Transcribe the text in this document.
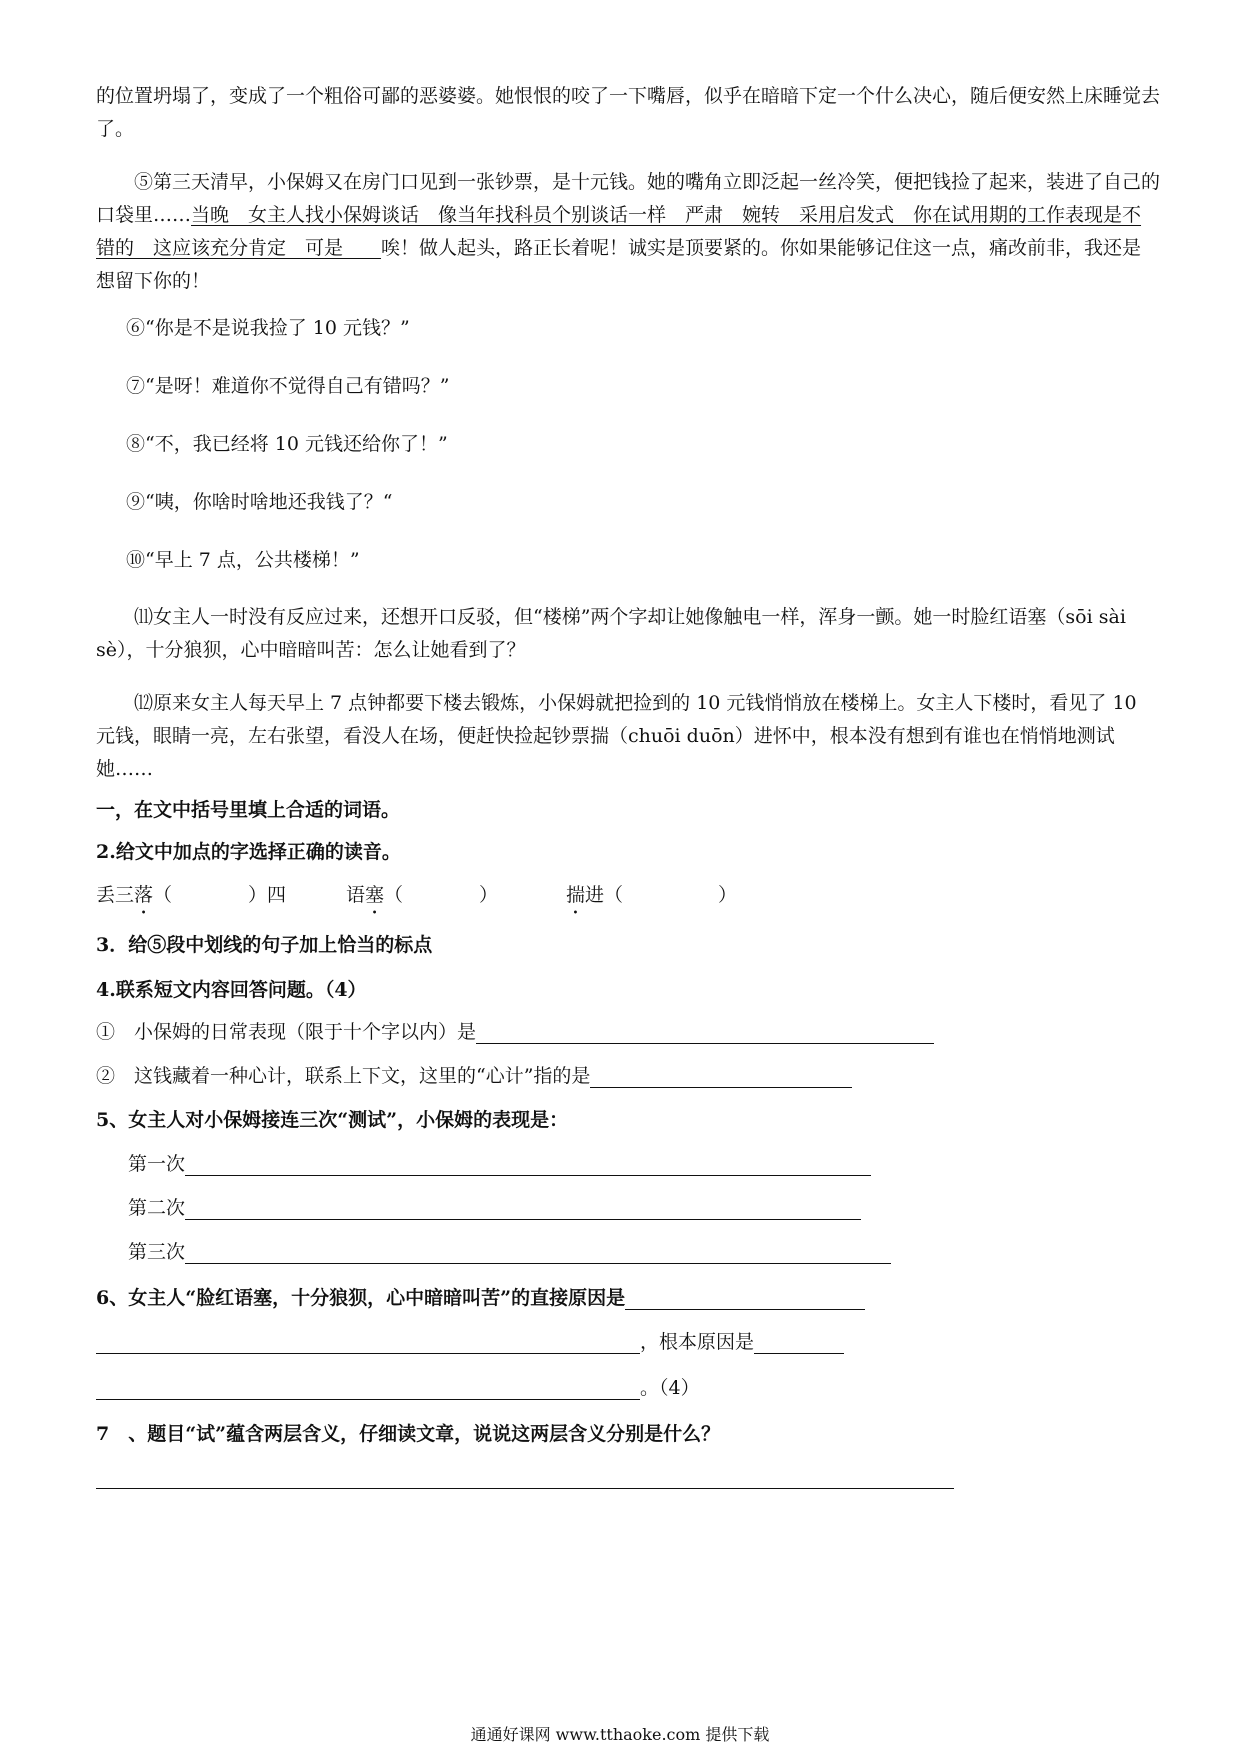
的位置坍塌了，变成了一个粗俗可鄙的恶婆婆。她恨恨的咬了一下嘴唇，似乎在暗暗下定一个什么决心，随后便安然上床睡觉去了。

⑤第三天清早，小保姆又在房门口见到一张钞票，是十元钱。她的嘴角立即泛起一丝冷笑，便把钱捡了起来，装进了自己的口袋里……当晚　女主人找小保姆谈话　像当年找科员个别谈话一样　严肃　婉转　采用启发式　你在试用期的工作表现是不错的　这应该充分肯定　可是　　唉！做人起头，路正长着呢！诚实是顶要紧的。你如果能够记住这一点，痛改前非，我还是想留下你的！

⑥“你是不是说我捡了 10 元钱？”

⑦“是呀！难道你不觉得自己有错吗？”

⑧“不，我已经将 10 元钱还给你了！”

⑨“咦，你啥时啥地还我钱了？“

⑩“早上 7 点，公共楼梯！”

⑾女主人一时没有反应过来，还想开口反驳，但“楼梯”两个字却让她像触电一样，浑身一颤。她一时脸红语塞（sōi sài sè），十分狼狈，心中暗暗叫苦：怎么让她看到了？

⑿原来女主人每天早上 7 点钟都要下楼去锻炼，小保姆就把捡到的 10 元钱悄悄放在楼梯上。女主人下楼时，看见了 10 元钱，眼睛一亮，左右张望，看没人在场，便赶快捡起钞票揣（chuōi duōn）进怀中，根本没有想到有谁也在悄悄地测试她……

一，在文中括号里填上合适的词语。

2.给文中加点的字选择正确的读音。

丢三落（　　　　）四	语塞（　　　　）	揣进（　　　　　）

3．给⑤段中划线的句子加上恰当的标点

4.联系短文内容回答问题。（4）

①　小保姆的日常表现（限于十个字以内）是

②　这钱藏着一种心计，联系上下文，这里的“心计”指的是

5、女主人对小保姆接连三次“测试”，小保姆的表现是：

第一次

第二次

第三次

6、女主人“脸红语塞，十分狼狈，心中暗暗叫苦”的直接原因是

，根本原因是

。（4）

7　、题目“试”蕴含两层含义，仔细读文章，说说这两层含义分别是什么？

通通好课网 www.tthaoke.com 提供下载
